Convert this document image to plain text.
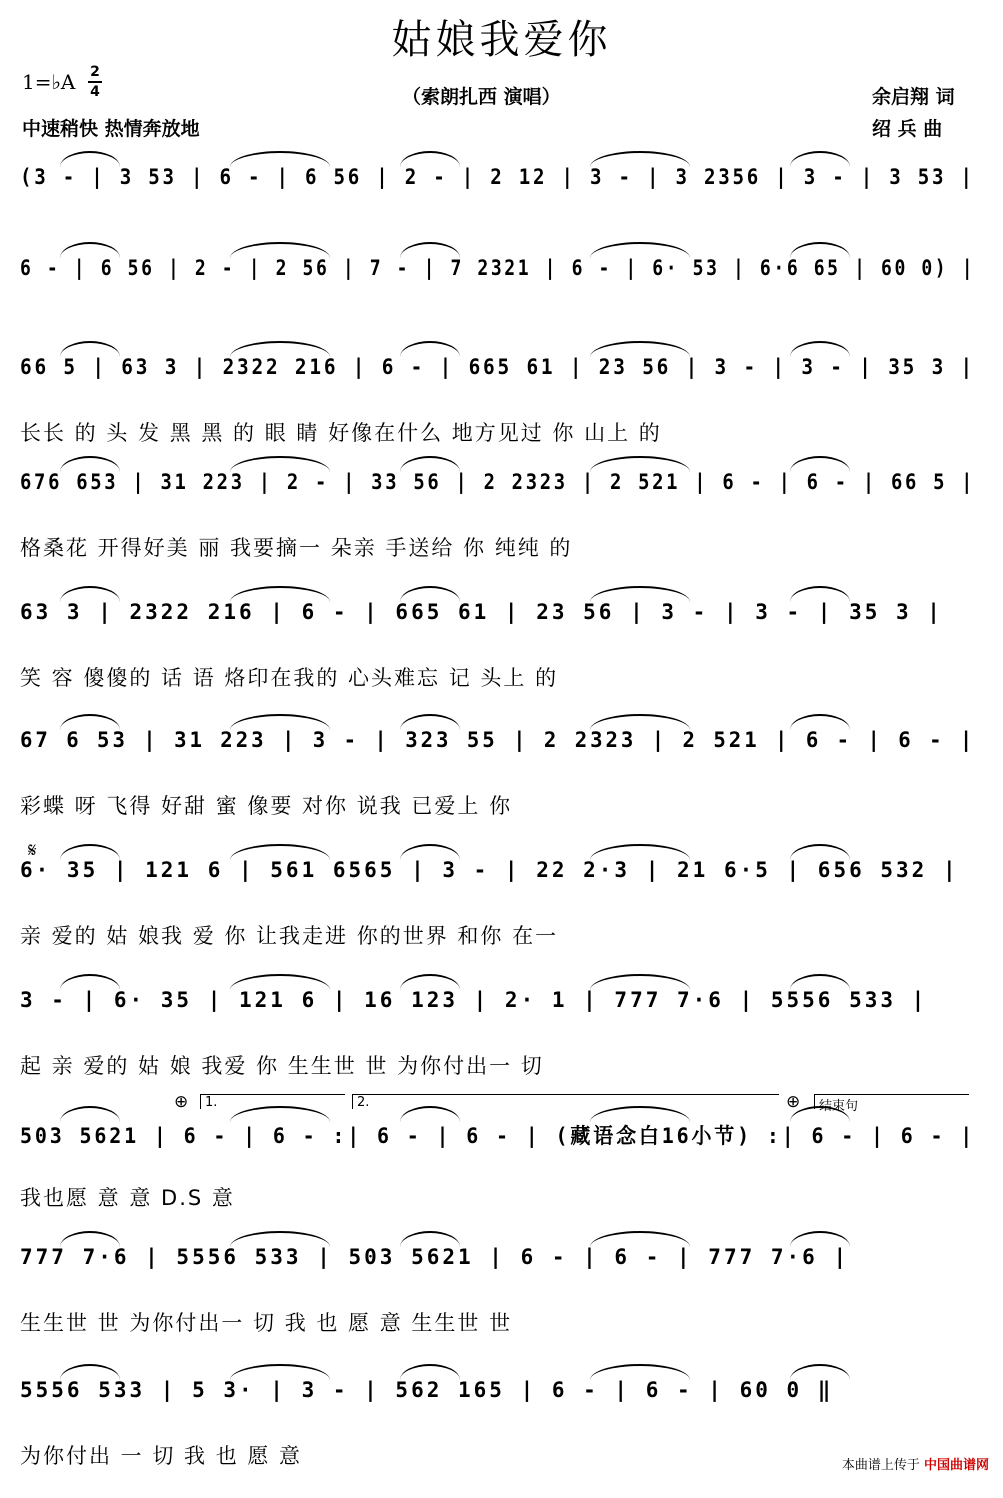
姑娘我爱你
1=♭A 2
4	（索朗扎西 演唱）
中速稍快 热情奔放地
余启翔 词
绍 兵 曲
(3 - | 3 53 | 6 - | 6 56 | 2 - | 2 12 | 3 - | 3 2356 | 3 - | 3 53 |
6 - | 6 56 | 2 - | 2 56 | 7 - | 7 2321 | 6 - | 6· 53 | 6·6 65 | 60 0) |
66 5 | 63 3 | 2322 216 | 6 - | 665 61 | 23 56 | 3 - | 3 - | 35 3 |
长长 的 头 发 黑 黑 的 眼 睛 好像在什么 地方见过 你 山上 的
676 653 | 31 223 | 2 - | 33 56 | 2 2323 | 2 521 | 6 - | 6 - | 66 5 |
格桑花 开得好美 丽 我要摘一 朵亲 手送给 你 纯纯 的
63 3 | 2322 216 | 6 - | 665 61 | 23 56 | 3 - | 3 - | 35 3 |
笑 容 傻傻的 话 语 烙印在我的 心头难忘 记 头上 的
67 6 53 | 31 223 | 3 - | 323 55 | 2 2323 | 2 521 | 6 - | 6 - |
彩蝶 呀 飞得 好甜 蜜 像要 对你 说我 已爱上 你
6· 35 | 121 6 | 561 6565 | 3 - | 22 2·3 | 21 6·5 | 656 532 |
亲 爱的 姑 娘我 爱 你 让我走进 你的世界 和你 在一
3 - | 6· 35 | 121 6 | 16 123 | 2· 1 | 777 7·6 | 5556 533 |
起 亲 爱的 姑 娘 我爱 你 生生世 世 为你付出一 切
503 5621 | 6 - | 6 - :| 6 - | 6 - | (藏语念白16小节) :| 6 - | 6 - |
我也愿 意 意 D.S 意
777 7·6 | 5556 533 | 503 5621 | 6 - | 6 - | 777 7·6 |
生生世 世 为你付出一 切 我 也 愿 意 生生世 世
5556 533 | 5 3· | 3 - | 562 165 | 6 - | 6 - | 60 0 ‖
为你付出 一 切 我 也 愿 意
𝄋
⊕	1.	2.	⊕	结束句
本曲谱上传于 中国曲谱网
